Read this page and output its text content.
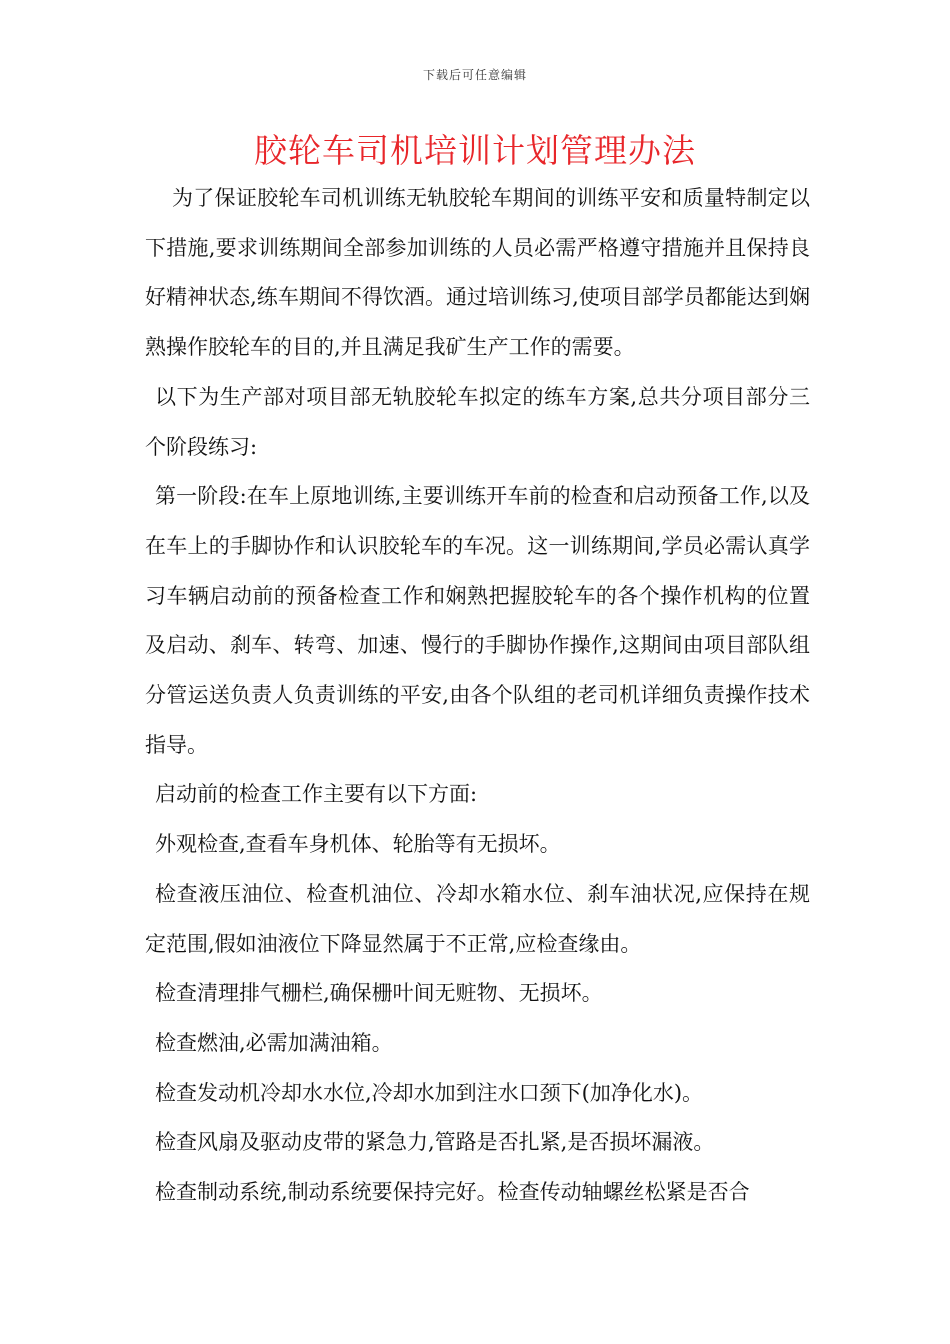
下载后可任意编辑
胶轮车司机培训计划管理办法

为了保证胶轮车司机训练无轨胶轮车期间的训练平安和质量特制定以下措施,要求训练期间全部参加训练的人员必需严格遵守措施并且保持良好精神状态,练车期间不得饮酒。通过培训练习,使项目部学员都能达到娴熟操作胶轮车的目的,并且满足我矿生产工作的需要。

以下为生产部对项目部无轨胶轮车拟定的练车方案,总共分项目部分三个阶段练习:

第一阶段:在车上原地训练,主要训练开车前的检查和启动预备工作,以及在车上的手脚协作和认识胶轮车的车况。这一训练期间,学员必需认真学习车辆启动前的预备检查工作和娴熟把握胶轮车的各个操作机构的位置及启动、刹车、转弯、加速、慢行的手脚协作操作,这期间由项目部队组分管运送负责人负责训练的平安,由各个队组的老司机详细负责操作技术指导。

启动前的检查工作主要有以下方面:

外观检查,查看车身机体、轮胎等有无损坏。

检查液压油位、检查机油位、冷却水箱水位、刹车油状况,应保持在规定范围,假如油液位下降显然属于不正常,应检查缘由。

检查清理排气栅栏,确保栅叶间无赃物、无损坏。

检查燃油,必需加满油箱。

检查发动机冷却水水位,冷却水加到注水口颈下(加净化水)。

检查风扇及驱动皮带的紧急力,管路是否扎紧,是否损坏漏液。

检查制动系统,制动系统要保持完好。检查传动轴螺丝松紧是否合
